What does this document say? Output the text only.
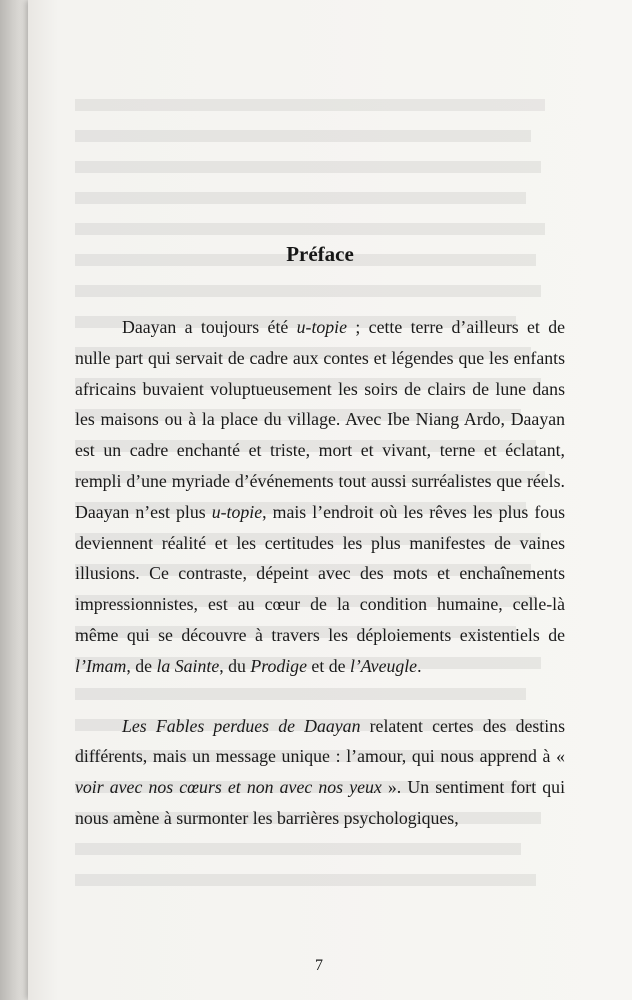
Préface

Daayan a toujours été u-topie ; cette terre d’ailleurs et de nulle part qui servait de cadre aux contes et légendes que les enfants africains buvaient voluptueusement les soirs de clairs de lune dans les maisons ou à la place du village. Avec Ibe Niang Ardo, Daayan est un cadre enchanté et triste, mort et vivant, terne et éclatant, rempli d’une myriade d’événements tout aussi surréalistes que réels. Daayan n’est plus u-topie, mais l’endroit où les rêves les plus fous deviennent réalité et les certitudes les plus manifestes de vaines illusions. Ce contraste, dépeint avec des mots et enchaînements impressionnistes, est au cœur de la condition humaine, celle-là même qui se découvre à travers les déploiements existentiels de l’Imam, de la Sainte, du Prodige et de l’Aveugle.

Les Fables perdues de Daayan relatent certes des destins différents, mais un message unique : l’amour, qui nous apprend à « voir avec nos cœurs et non avec nos yeux ». Un sentiment fort qui nous amène à surmonter les barrières psychologiques,

7
